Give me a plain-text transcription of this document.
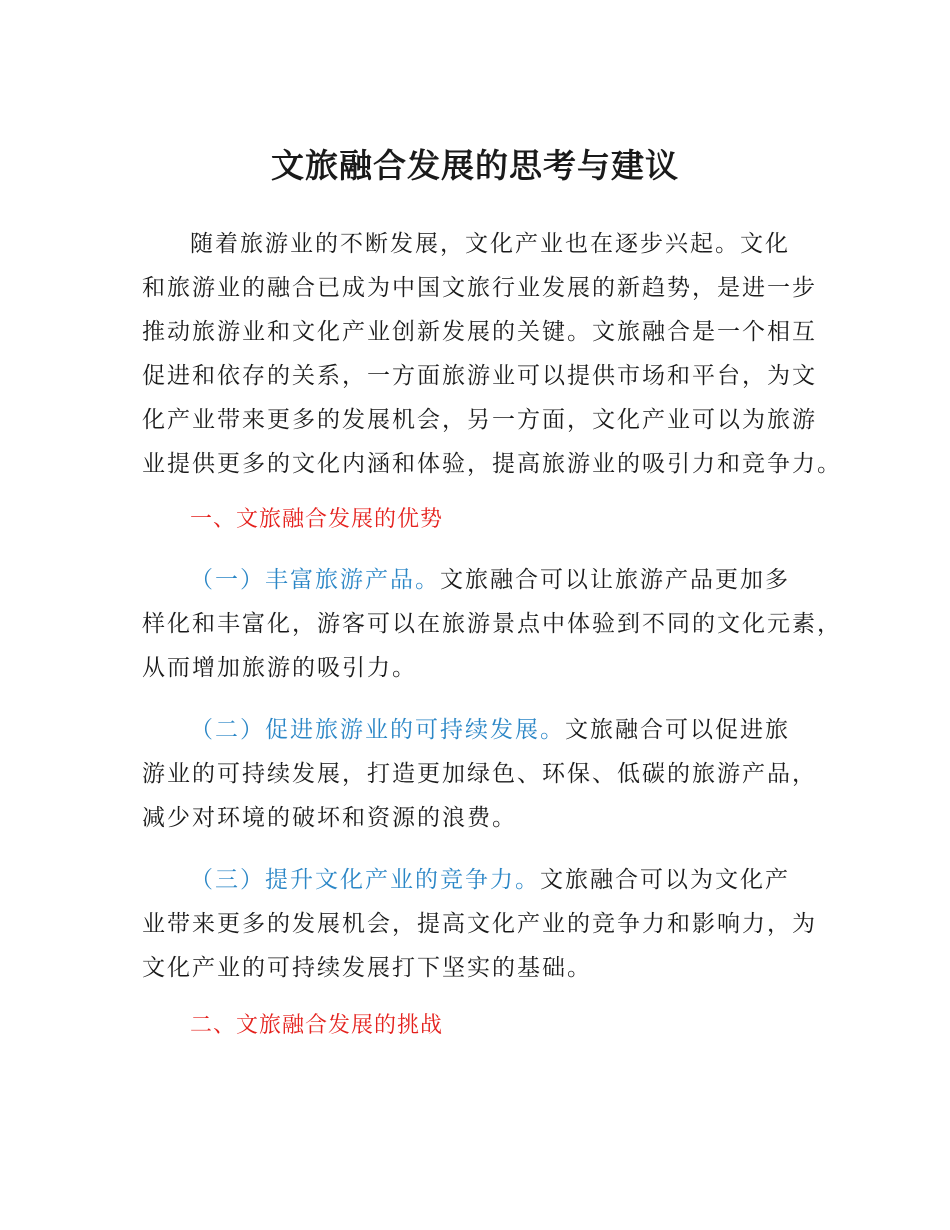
文旅融合发展的思考与建议

随着旅游业的不断发展，文化产业也在逐步兴起。文化
和旅游业的融合已成为中国文旅行业发展的新趋势，是进一步
推动旅游业和文化产业创新发展的关键。文旅融合是一个相互
促进和依存的关系，一方面旅游业可以提供市场和平台，为文
化产业带来更多的发展机会，另一方面，文化产业可以为旅游
业提供更多的文化内涵和体验，提高旅游业的吸引力和竞争力。

一、文旅融合发展的优势

（一）丰富旅游产品。文旅融合可以让旅游产品更加多
样化和丰富化，游客可以在旅游景点中体验到不同的文化元素，
从而增加旅游的吸引力。

（二）促进旅游业的可持续发展。文旅融合可以促进旅
游业的可持续发展，打造更加绿色、环保、低碳的旅游产品，
减少对环境的破坏和资源的浪费。

（三）提升文化产业的竞争力。文旅融合可以为文化产
业带来更多的发展机会，提高文化产业的竞争力和影响力，为
文化产业的可持续发展打下坚实的基础。

二、文旅融合发展的挑战
